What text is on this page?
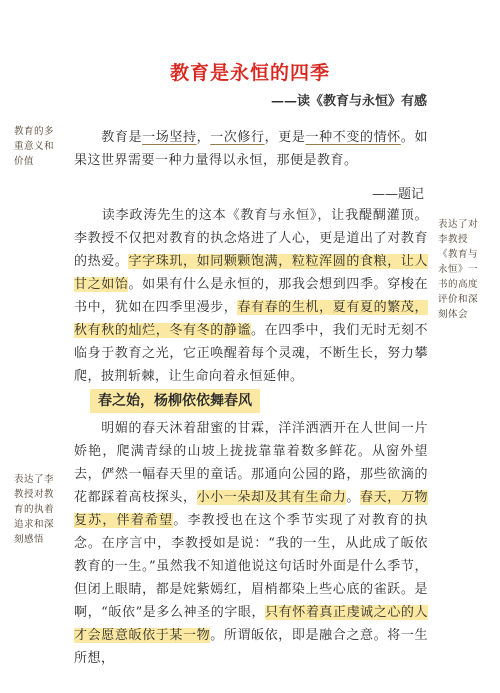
教育是永恒的四季
——读《教育与永恒》有感
教育的多
重意义和
价值
表达了对
李教授
《教育与
永恒》一
书的高度
评价和深
刻体会
表达了李
教授对教
育的执着
追求和深
刻感悟
　　教育是一场坚持，一次修行，更是一种不变的情怀。如果这世界需要一种力量得以永恒，那便是教育。
——题记
　　读李政涛先生的这本《教育与永恒》，让我醍醐灌顶。李教授不仅把对教育的执念烙进了人心，更是道出了对教育的热爱。字字珠玑，如同颗颗饱满，粒粒浑圆的食粮，让人甘之如饴。如果有什么是永恒的，那我会想到四季。穿梭在书中，犹如在四季里漫步，春有春的生机，夏有夏的繁茂，秋有秋的灿烂，冬有冬的静谧。在四季中，我们无时无刻不临身于教育之光，它正唤醒着每个灵魂，不断生长，努力攀爬，披荆斩棘，让生命向着永恒延伸。
春之始，杨柳依依舞春风
　　明媚的春天沐着甜蜜的甘霖，洋洋洒洒开在人世间一片娇艳，爬满青绿的山坡上拢拢靠靠着数多鲜花。从窗外望去，俨然一幅春天里的童话。那通向公园的路，那些欲滴的花都踩着高枝探头，小小一朵却及其有生命力。春天，万物复苏，伴着希望。李教授也在这个季节实现了对教育的执念。在序言中，李教授如是说：“我的一生，从此成了皈依教育的一生。”虽然我不知道他说这句话时外面是什么季节，但闭上眼睛，都是姹紫嫣红，眉梢都染上些心底的雀跃。是啊，“皈依”是多么神圣的字眼，只有怀着真正虔诚之心的人才会愿意皈依于某一物。所谓皈依，即是融合之意。将一生所想，
